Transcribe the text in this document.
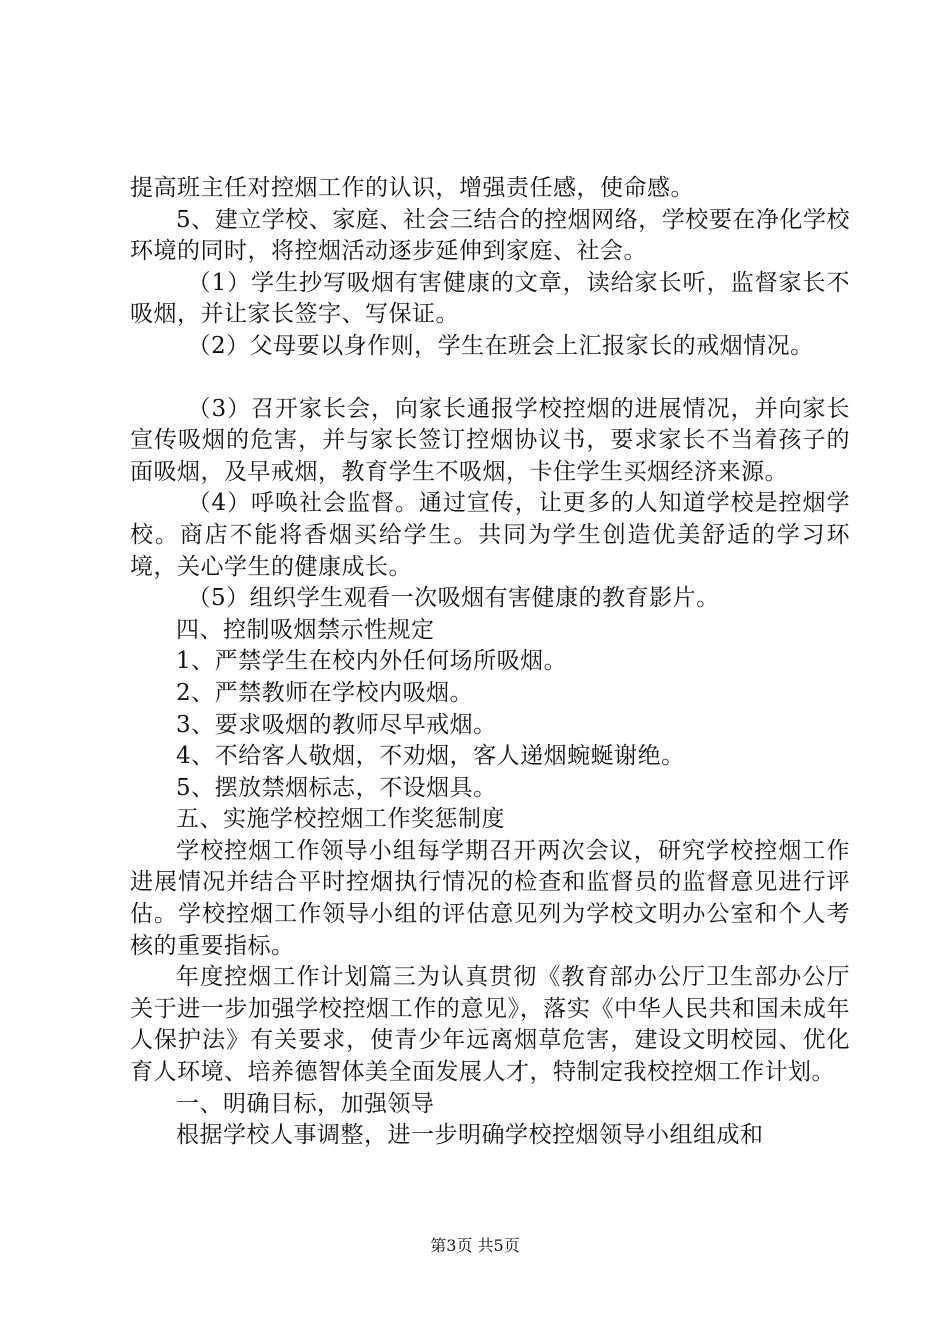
提高班主任对控烟工作的认识，增强责任感，使命感。

5、建立学校、家庭、社会三结合的控烟网络，学校要在净化学校环境的同时，将控烟活动逐步延伸到家庭、社会。

（1）学生抄写吸烟有害健康的文章，读给家长听，监督家长不吸烟，并让家长签字、写保证。

（2）父母要以身作则，学生在班会上汇报家长的戒烟情况。

（3）召开家长会，向家长通报学校控烟的进展情况，并向家长宣传吸烟的危害，并与家长签订控烟协议书，要求家长不当着孩子的面吸烟，及早戒烟，教育学生不吸烟，卡住学生买烟经济来源。

（4）呼唤社会监督。通过宣传，让更多的人知道学校是控烟学校。商店不能将香烟买给学生。共同为学生创造优美舒适的学习环境，关心学生的健康成长。

（5）组织学生观看一次吸烟有害健康的教育影片。

四、控制吸烟禁示性规定

1、严禁学生在校内外任何场所吸烟。

2、严禁教师在学校内吸烟。

3、要求吸烟的教师尽早戒烟。

4、不给客人敬烟，不劝烟，客人递烟蜿蜒谢绝。

5、摆放禁烟标志，不设烟具。

五、实施学校控烟工作奖惩制度

学校控烟工作领导小组每学期召开两次会议，研究学校控烟工作进展情况并结合平时控烟执行情况的检查和监督员的监督意见进行评估。学校控烟工作领导小组的评估意见列为学校文明办公室和个人考核的重要指标。

年度控烟工作计划篇三为认真贯彻《教育部办公厅卫生部办公厅关于进一步加强学校控烟工作的意见》，落实《中华人民共和国未成年人保护法》有关要求，使青少年远离烟草危害，建设文明校园、优化育人环境、培养德智体美全面发展人才，特制定我校控烟工作计划。

一、明确目标，加强领导

根据学校人事调整，进一步明确学校控烟领导小组组成和

第3页 共5页
